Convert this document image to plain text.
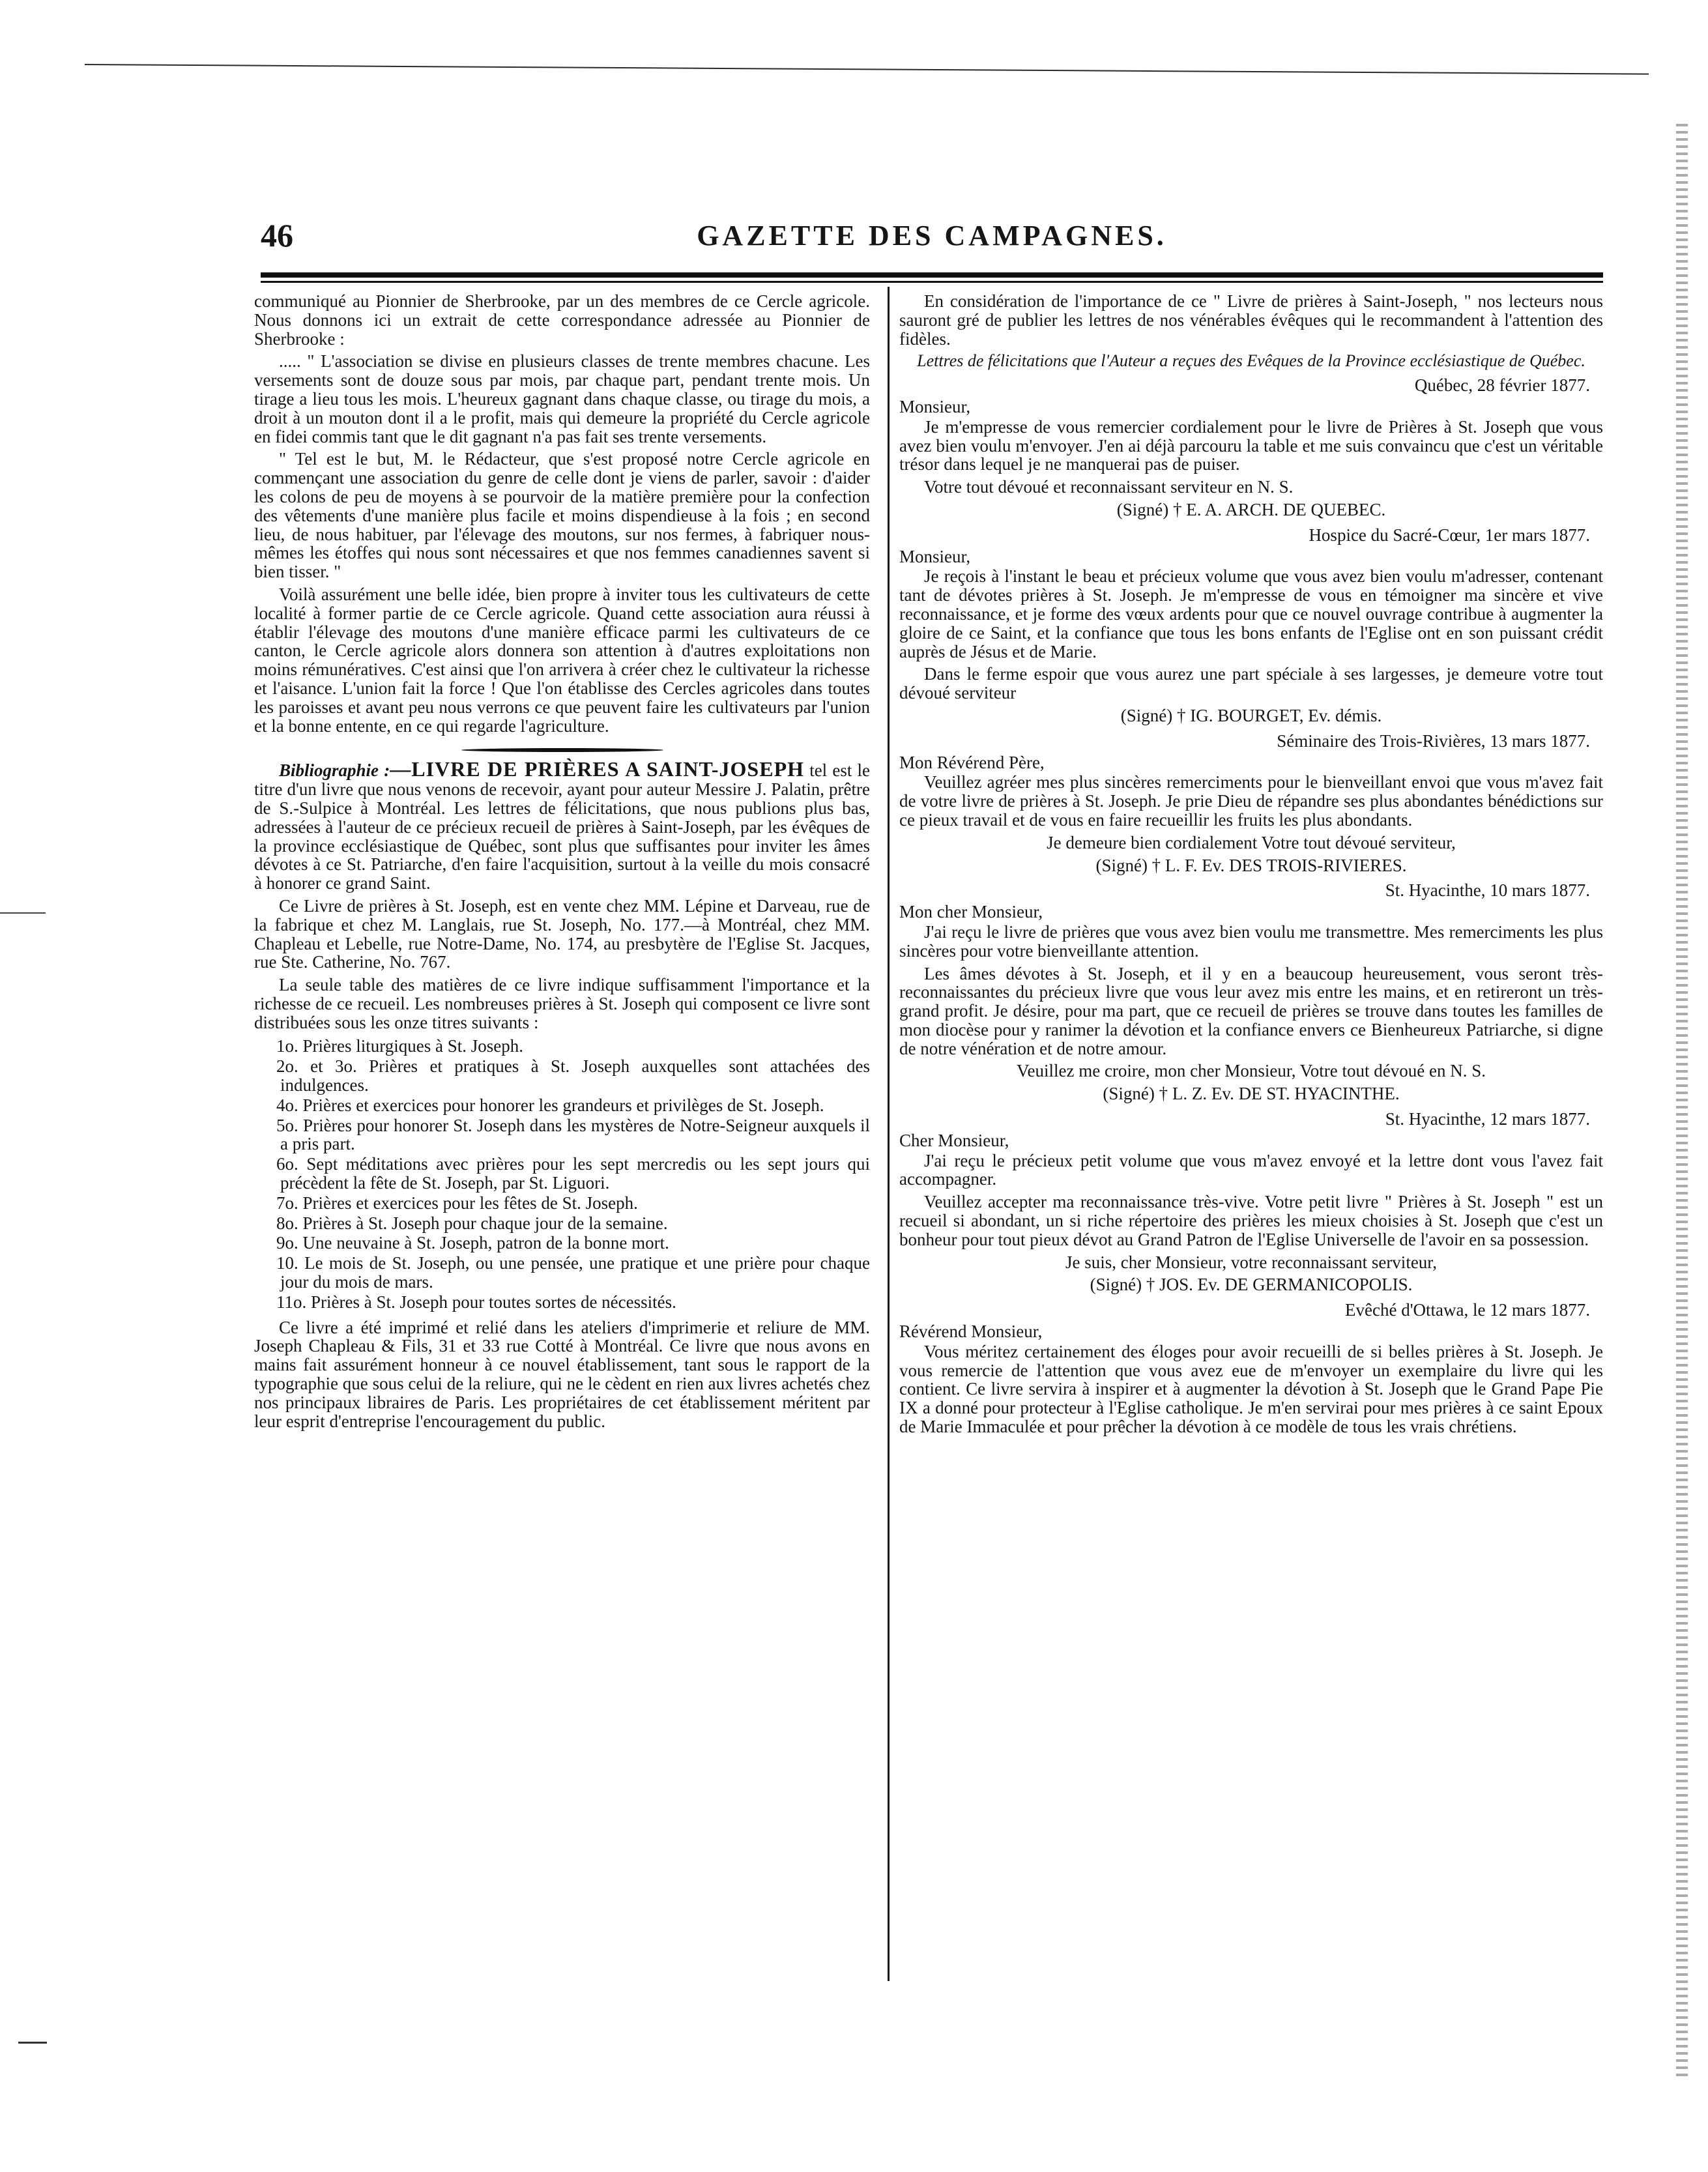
46	GAZETTE DES CAMPAGNES.

communiqué au Pionnier de Sherbrooke, par un des membres de ce Cercle agricole. Nous donnons ici un extrait de cette correspondance adressée au Pionnier de Sherbrooke :

..... " L'association se divise en plusieurs classes de trente membres chacune. Les versements sont de douze sous par mois, par chaque part, pendant trente mois. Un tirage a lieu tous les mois. L'heureux gagnant dans chaque classe, ou tirage du mois, a droit à un mouton dont il a le profit, mais qui demeure la propriété du Cercle agricole en fidei commis tant que le dit gagnant n'a pas fait ses trente versements.

" Tel est le but, M. le Rédacteur, que s'est proposé notre Cercle agricole en commençant une association du genre de celle dont je viens de parler, savoir : d'aider les colons de peu de moyens à se pourvoir de la matière première pour la confection des vêtements d'une manière plus facile et moins dispendieuse à la fois ; en second lieu, de nous habituer, par l'élevage des moutons, sur nos fermes, à fabriquer nous-mêmes les étoffes qui nous sont nécessaires et que nos femmes canadiennes savent si bien tisser. "

Voilà assurément une belle idée, bien propre à inviter tous les cultivateurs de cette localité à former partie de ce Cercle agricole. Quand cette association aura réussi à établir l'élevage des moutons d'une manière efficace parmi les cultivateurs de ce canton, le Cercle agricole alors donnera son attention à d'autres exploitations non moins rémunératives. C'est ainsi que l'on arrivera à créer chez le cultivateur la richesse et l'aisance. L'union fait la force ! Que l'on établisse des Cercles agricoles dans toutes les paroisses et avant peu nous verrons ce que peuvent faire les cultivateurs par l'union et la bonne entente, en ce qui regarde l'agriculture.

Bibliographie :—LIVRE DE PRIÈRES A SAINT-JOSEPH tel est le titre d'un livre que nous venons de recevoir, ayant pour auteur Messire J. Palatin, prêtre de S.-Sulpice à Montréal. Les lettres de félicitations, que nous publions plus bas, adressées à l'auteur de ce précieux recueil de prières à Saint-Joseph, par les évêques de la province ecclésiastique de Québec, sont plus que suffisantes pour inviter les âmes dévotes à ce St. Patriarche, d'en faire l'acquisition, surtout à la veille du mois consacré à honorer ce grand Saint.

Ce Livre de prières à St. Joseph, est en vente chez MM. Lépine et Darveau, rue de la fabrique et chez M. Langlais, rue St. Joseph, No. 177.—à Montréal, chez MM. Chapleau et Lebelle, rue Notre-Dame, No. 174, au presbytère de l'Eglise St. Jacques, rue Ste. Catherine, No. 767.

La seule table des matières de ce livre indique suffisamment l'importance et la richesse de ce recueil. Les nombreuses prières à St. Joseph qui composent ce livre sont distribuées sous les onze titres suivants :

1o. Prières liturgiques à St. Joseph.
2o. et 3o. Prières et pratiques à St. Joseph auxquelles sont attachées des indulgences.
4o. Prières et exercices pour honorer les grandeurs et privilèges de St. Joseph.
5o. Prières pour honorer St. Joseph dans les mystères de Notre-Seigneur auxquels il a pris part.
6o. Sept méditations avec prières pour les sept mercredis ou les sept jours qui précèdent la fête de St. Joseph, par St. Liguori.
7o. Prières et exercices pour les fêtes de St. Joseph.
8o. Prières à St. Joseph pour chaque jour de la semaine.
9o. Une neuvaine à St. Joseph, patron de la bonne mort.
10. Le mois de St. Joseph, ou une pensée, une pratique et une prière pour chaque jour du mois de mars.
11o. Prières à St. Joseph pour toutes sortes de nécessités.

Ce livre a été imprimé et relié dans les ateliers d'imprimerie et reliure de MM. Joseph Chapleau & Fils, 31 et 33 rue Cotté à Montréal. Ce livre que nous avons en mains fait assurément honneur à ce nouvel établissement, tant sous le rapport de la typographie que sous celui de la reliure, qui ne le cèdent en rien aux livres achetés chez nos principaux libraires de Paris. Les propriétaires de cet établissement méritent par leur esprit d'entreprise l'encouragement du public.

En considération de l'importance de ce " Livre de prières à Saint-Joseph, " nos lecteurs nous sauront gré de publier les lettres de nos vénérables évêques qui le recommandent à l'attention des fidèles.

Lettres de félicitations que l'Auteur a reçues des Evêques de la Province ecclésiastique de Québec.
Québec, 28 février 1877.
Monsieur,

Je m'empresse de vous remercier cordialement pour le livre de Prières à St. Joseph que vous avez bien voulu m'envoyer. J'en ai déjà parcouru la table et me suis convaincu que c'est un véritable trésor dans lequel je ne manquerai pas de puiser.

Votre tout dévoué et reconnaissant serviteur en N. S.

(Signé) † E. A. ARCH. DE QUEBEC.
Hospice du Sacré-Cœur, 1er mars 1877.
Monsieur,

Je reçois à l'instant le beau et précieux volume que vous avez bien voulu m'adresser, contenant tant de dévotes prières à St. Joseph. Je m'empresse de vous en témoigner ma sincère et vive reconnaissance, et je forme des vœux ardents pour que ce nouvel ouvrage contribue à augmenter la gloire de ce Saint, et la confiance que tous les bons enfants de l'Eglise ont en son puissant crédit auprès de Jésus et de Marie.

Dans le ferme espoir que vous aurez une part spéciale à ses largesses, je demeure votre tout dévoué serviteur

(Signé) † IG. BOURGET, Ev. démis.
Séminaire des Trois-Rivières, 13 mars 1877.
Mon Révérend Père,

Veuillez agréer mes plus sincères remerciments pour le bienveillant envoi que vous m'avez fait de votre livre de prières à St. Joseph. Je prie Dieu de répandre ses plus abondantes bénédictions sur ce pieux travail et de vous en faire recueillir les fruits les plus abondants.

Je demeure bien cordialement Votre tout dévoué serviteur,

(Signé) † L. F. Ev. DES TROIS-RIVIERES.
St. Hyacinthe, 10 mars 1877.
Mon cher Monsieur,

J'ai reçu le livre de prières que vous avez bien voulu me transmettre. Mes remerciments les plus sincères pour votre bienveillante attention.

Les âmes dévotes à St. Joseph, et il y en a beaucoup heureusement, vous seront très-reconnaissantes du précieux livre que vous leur avez mis entre les mains, et en retireront un très-grand profit. Je désire, pour ma part, que ce recueil de prières se trouve dans toutes les familles de mon diocèse pour y ranimer la dévotion et la confiance envers ce Bienheureux Patriarche, si digne de notre vénération et de notre amour.

Veuillez me croire, mon cher Monsieur, Votre tout dévoué en N. S.

(Signé) † L. Z. Ev. DE ST. HYACINTHE.
St. Hyacinthe, 12 mars 1877.
Cher Monsieur,

J'ai reçu le précieux petit volume que vous m'avez envoyé et la lettre dont vous l'avez fait accompagner.

Veuillez accepter ma reconnaissance très-vive. Votre petit livre " Prières à St. Joseph " est un recueil si abondant, un si riche répertoire des prières les mieux choisies à St. Joseph que c'est un bonheur pour tout pieux dévot au Grand Patron de l'Eglise Universelle de l'avoir en sa possession.

Je suis, cher Monsieur, votre reconnaissant serviteur,

(Signé) † JOS. Ev. DE GERMANICOPOLIS.
Evêché d'Ottawa, le 12 mars 1877.
Révérend Monsieur,

Vous méritez certainement des éloges pour avoir recueilli de si belles prières à St. Joseph. Je vous remercie de l'attention que vous avez eue de m'envoyer un exemplaire du livre qui les contient. Ce livre servira à inspirer et à augmenter la dévotion à St. Joseph que le Grand Pape Pie IX a donné pour protecteur à l'Eglise catholique. Je m'en servirai pour mes prières à ce saint Epoux de Marie Immaculée et pour prêcher la dévotion à ce modèle de tous les vrais chrétiens.
